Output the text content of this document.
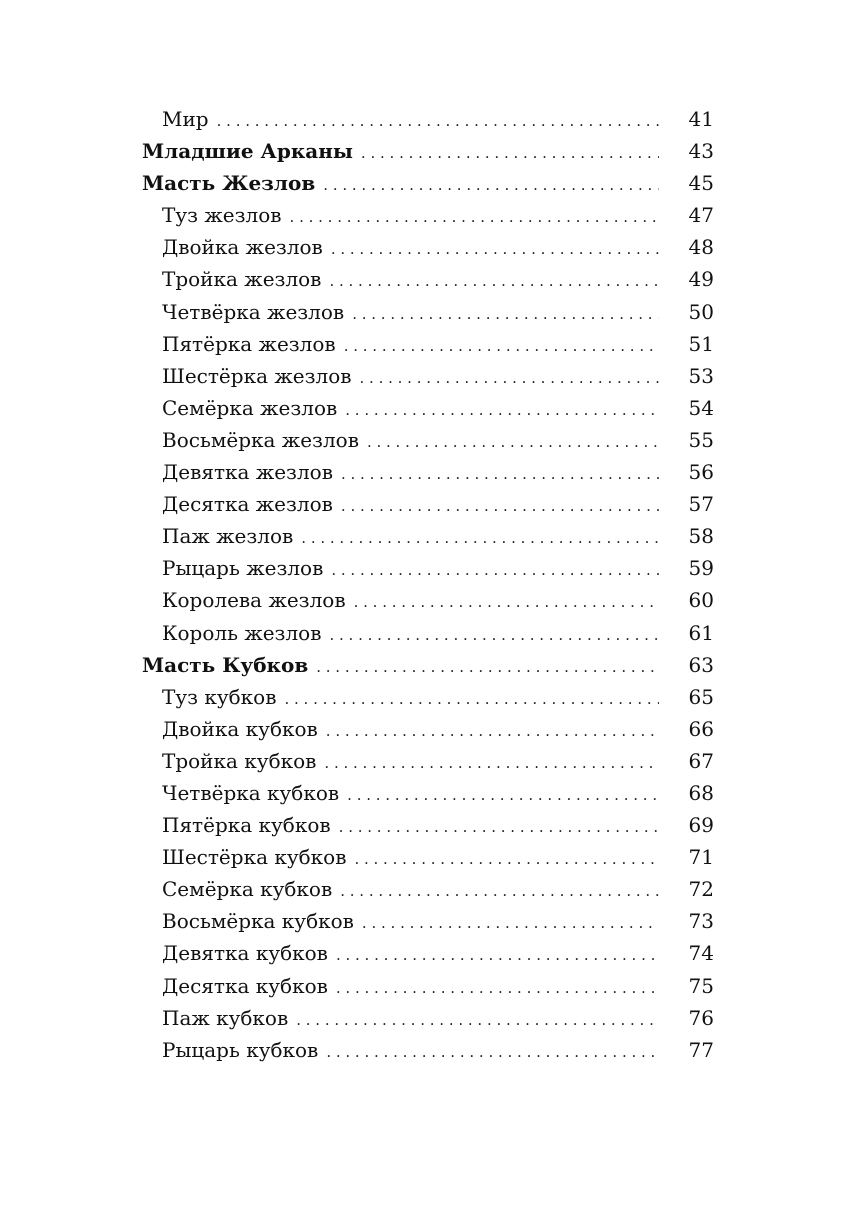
Мир . . .	41
Младшие Арканы . . .	43
Масть Жезлов . . .	45
Туз жезлов . . .	47
Двойка жезлов . . .	48
Тройка жезлов . . .	49
Четвёрка жезлов . . .	50
Пятёрка жезлов . . .	51
Шестёрка жезлов . . .	53
Семёрка жезлов . . .	54
Восьмёрка жезлов . . .	55
Девятка жезлов . . .	56
Десятка жезлов . . .	57
Паж жезлов . . .	58
Рыцарь жезлов . . .	59
Королева жезлов . . .	60
Король жезлов . . .	61
Масть Кубков . . .	63
Туз кубков . . .	65
Двойка кубков . . .	66
Тройка кубков . . .	67
Четвёрка кубков . . .	68
Пятёрка кубков . . .	69
Шестёрка кубков . . .	71
Семёрка кубков . . .	72
Восьмёрка кубков . . .	73
Девятка кубков . . .	74
Десятка кубков . . .	75
Паж кубков . . .	76
Рыцарь кубков . . .	77
